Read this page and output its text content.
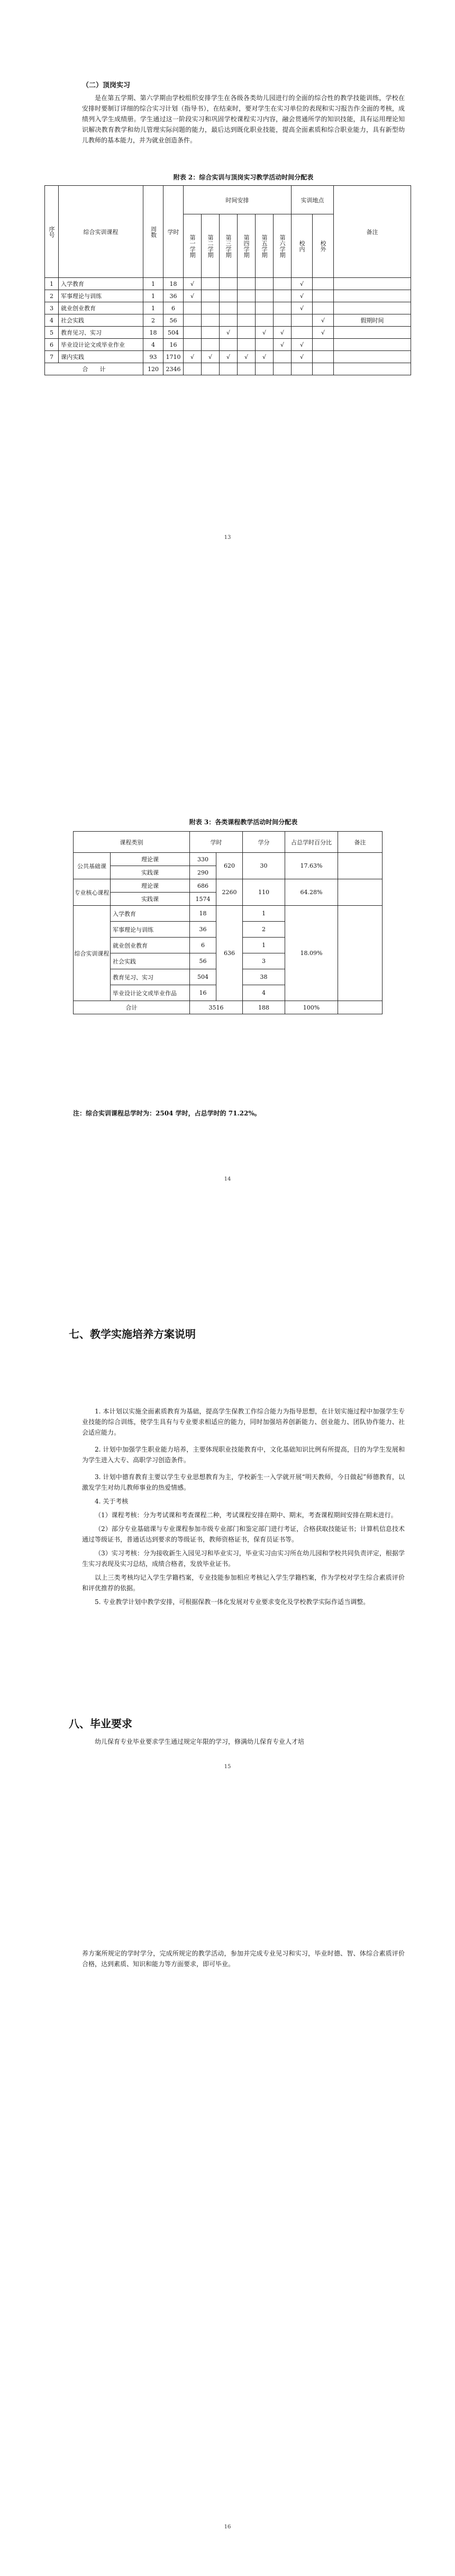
（二）顶岗实习

是在第五学期、第六学期由学校组织安排学生在各级各类幼儿园进行的全面的综合性的教学技能训练，学校在安排时要制订详细的综合实习计划（指导书），在结束时，要对学生在实习单位的表现和实习报告作全面的考核，成绩列入学生成绩册。学生通过这一阶段实习和巩固学校课程实习内容，融会贯通所学的知识技能，具有运用理论知识解决教育教学和幼儿管理实际问题的能力，最后达到既化职业技能，提高全面素质和综合职业能力，具有新型幼儿教师的基本能力，并为就业创造条件。

附表 2：综合实训与顶岗实习教学活动时间分配表

序号	综合实训课程	周数	学时	时间安排						实训地点		备注
				第一学期	第二学期	第三学期	第四学期	第五学期	第六学期	校内	校外	
1	入学教育	1	18	√						√		
2	军事理论与训练	1	36	√						√		
3	就业创业教育	1	6							√		
4	社会实践	2	56								√	假期时间
5	教育见习、实习	18	504			√		√	√		√	
6	毕业设计论文或毕业作业	4	16						√	√		
7	课内实践	93	1710	√	√	√	√	√		√		
合　　计		120	2346									
13

附表 3：各类课程教学活动时间分配表

课程类别		学时		学分	占总学时百分比	备注
公共基础课	理论课	330	620	30	17.63%	
	实践课	290				
专业核心课程	理论课	686	2260	110	64.28%	
	实践课	1574				
综合实训课程	入学教育	18	636	1	18.09%	
	军事理论与训练	36		2		
	就业创业教育	6		1		
	社会实践	56		3		
	教育见习、实习	504		38		
	毕业设计论文或毕业作品	16		4		
合计		3516		188	100%	

注：综合实训课程总学时为：2504 学时，占总学时的 71.22%。

14

七、教学实施培养方案说明

1. 本计划以实施全面素质教育为基础，提高学生保教工作综合能力为指导思想，在计划实施过程中加强学生专业技能的综合训练，使学生具有与专业要求相适应的能力，同时加强培养创新能力、创业能力、团队协作能力、社会适应能力。

2. 计划中加强学生职业能力培养，主要体现职业技能教育中，文化基础知识比例有所提高，目的为学生发展和为学生进入大专、高职学习创造条件。

3. 计划中德育教育主要以学生专业思想教育为主，学校新生一入学就开展“明天教师，今日做起”师德教育，以激发学生对幼儿教师事业的热爱情感。

4. 关于考核

（1）课程考核：分为考试课和考查课程二种，考试课程安排在期中、期末，考查课程期间安排在期末进行。

（2）部分专业基础课与专业课程参加市级专业部门和鉴定部门进行考证，合格获取技能证书；计算机信息技术通过等级证书，普通话达到要求的等级证书，教师资格证书，保育员证书等。

（3）实习考核：分为接收新生入园见习和毕业实习，毕业实习由实习所在幼儿园和学校共同负责评定，根据学生实习表现及实习总结，成绩合格者，发放毕业证书。

以上三类考核均记入学生学籍档案，专业技能参加相应考核记入学生学籍档案，作为学校对学生综合素质评价和评优推荐的依据。

5. 专业教学计划中教学安排，可根据保教一体化发展对专业要求变化及学校教学实际作适当调整。

八、毕业要求

幼儿保育专业毕业要求学生通过规定年限的学习，修满幼儿保育专业人才培

15

养方案所规定的学时学分，完成所规定的教学活动，参加并完成专业见习和实习，毕业时德、智、体综合素质评价合格，达到素质、知识和能力等方面要求，即可毕业。

16
